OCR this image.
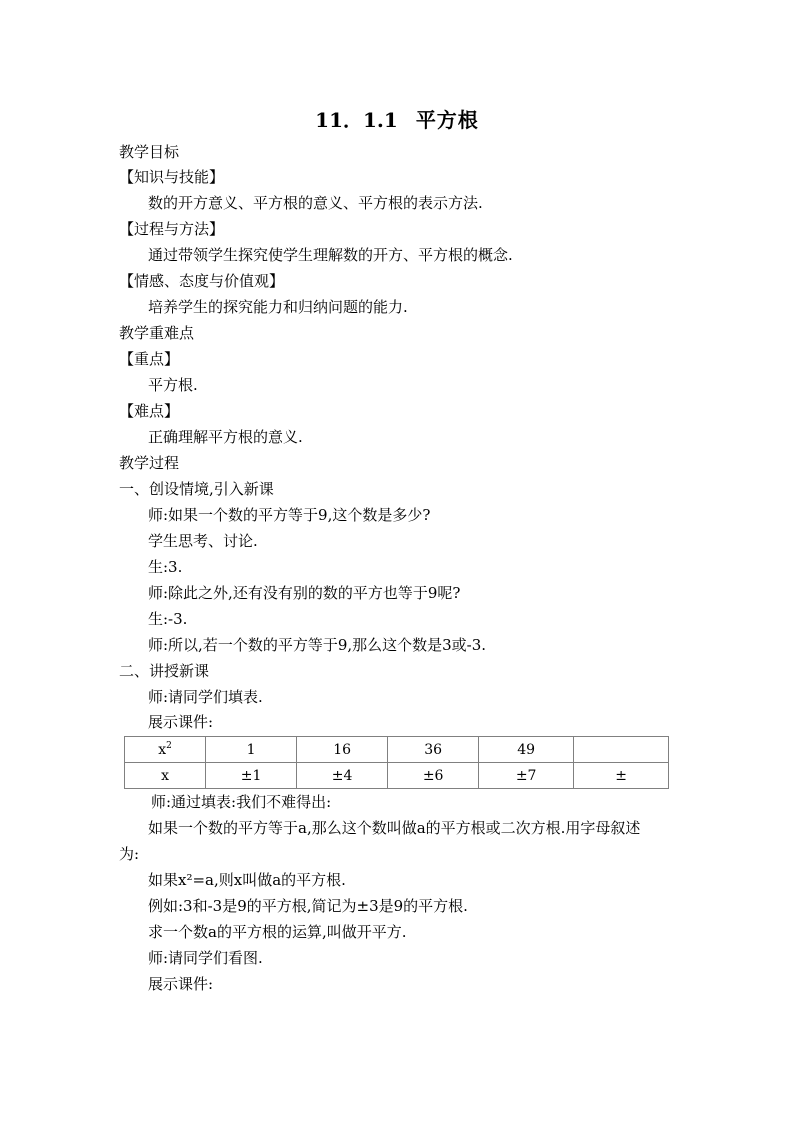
11．1.1 平方根
教学目标
【知识与技能】
数的开方意义、平方根的意义、平方根的表示方法.
【过程与方法】
通过带领学生探究使学生理解数的开方、平方根的概念.
【情感、态度与价值观】
培养学生的探究能力和归纳问题的能力.
教学重难点
【重点】
平方根.
【难点】
正确理解平方根的意义.
教学过程
一、创设情境,引入新课
师:如果一个数的平方等于9,这个数是多少?
学生思考、讨论.
生:3.
师:除此之外,还有没有别的数的平方也等于9呢?
生:-3.
师:所以,若一个数的平方等于9,那么这个数是3或-3.
二、讲授新课
师:请同学们填表.
展示课件:
$x^2$	1	16	36	49	
x	±1	±4	±6	±7	±
师:通过填表:我们不难得出:
如果一个数的平方等于a,那么这个数叫做a的平方根或二次方根.用字母叙述
为:
如果x²=a,则x叫做a的平方根.
例如:3和-3是9的平方根,简记为±3是9的平方根.
求一个数a的平方根的运算,叫做开平方.
师:请同学们看图.
展示课件:
